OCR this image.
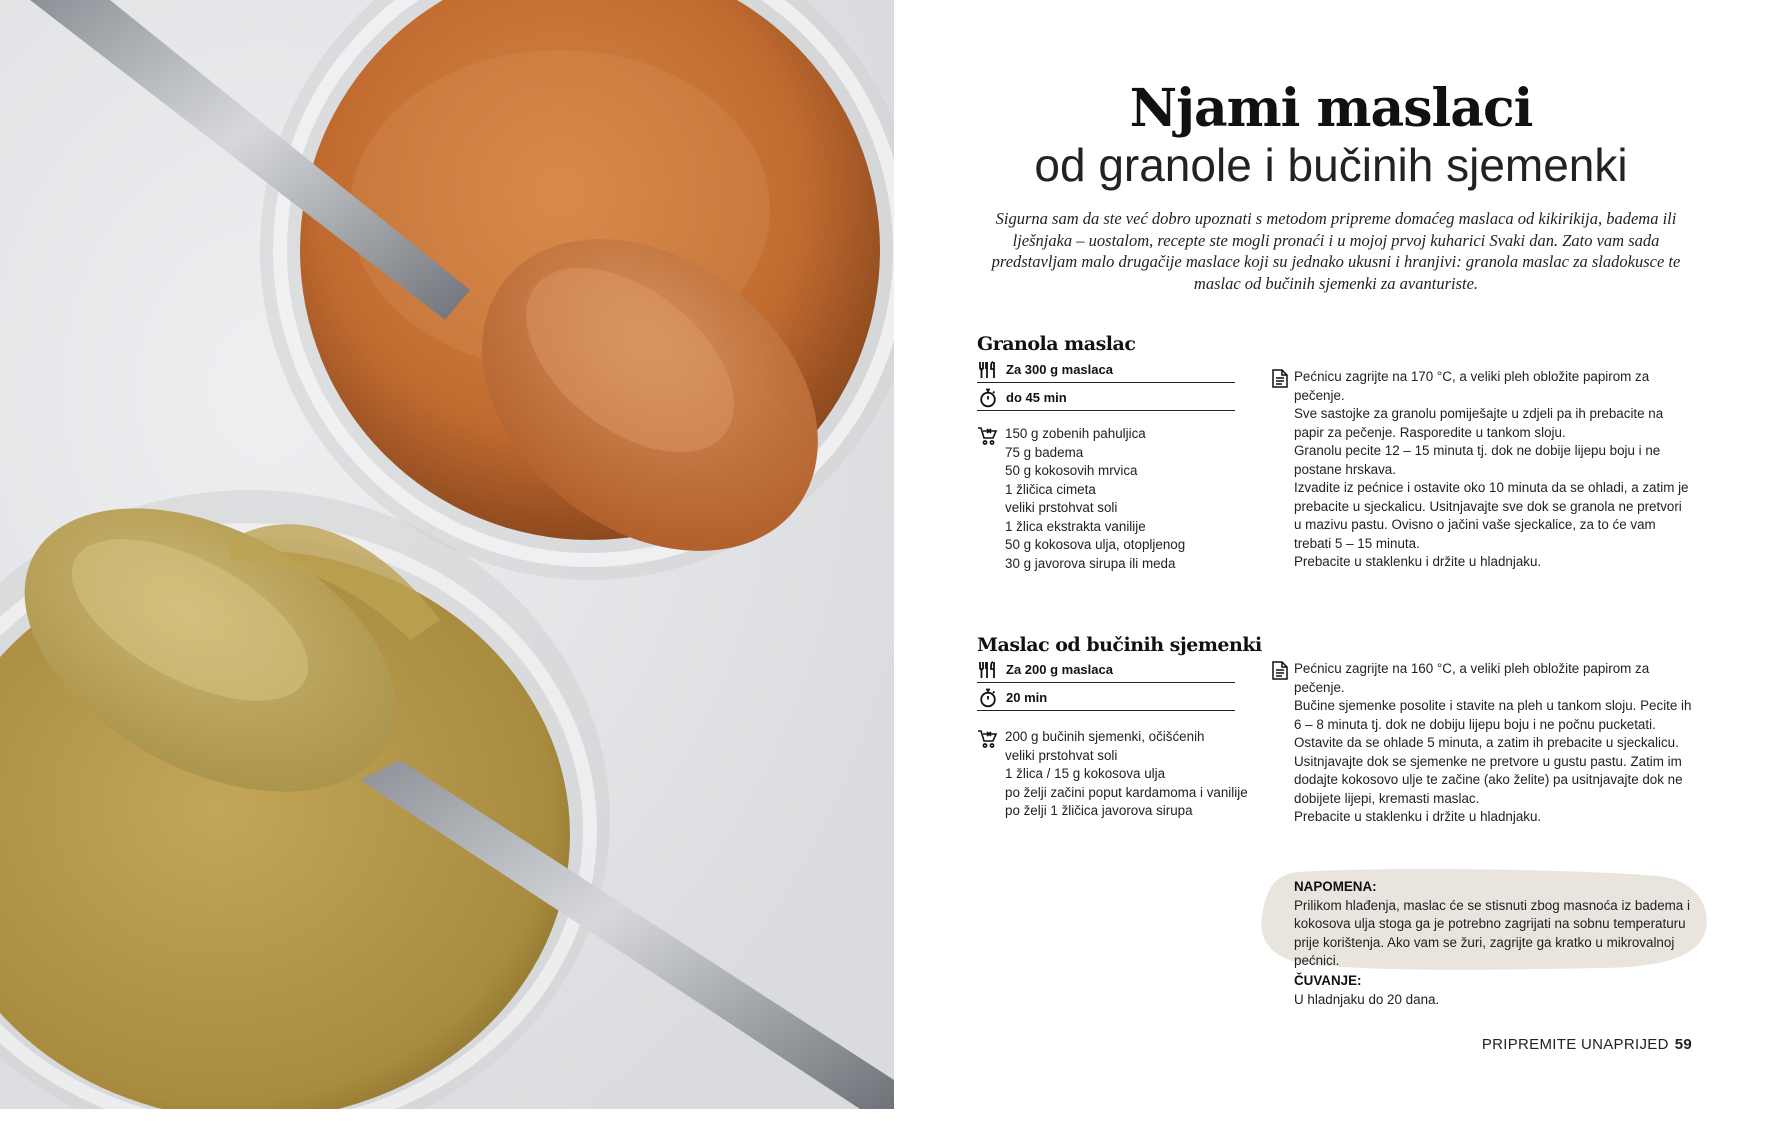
Njami maslaci
od granole i bučinih sjemenki

Sigurna sam da ste već dobro upoznati s metodom pripreme domaćeg maslaca od kikirikija, badema ili lješnjaka – uostalom, recepte ste mogli pronaći i u mojoj prvoj kuharici Svaki dan. Zato vam sada predstavljam malo drugačije maslace koji su jednako ukusni i hranjivi: granola maslac za sladokusce te maslac od bučinih sjemenki za avanturiste.

Granola maslac
Za 300 g maslaca
do 45 min
150 g zobenih pahuljica
75 g badema
50 g kokosovih mrvica
1 žličica cimeta
veliki prstohvat soli
1 žlica ekstrakta vanilije
50 g kokosova ulja, otopljenog
30 g javorova sirupa ili meda

Pećnicu zagrijte na 170 °C, a veliki pleh obložite papirom za pečenje.

Sve sastojke za granolu pomiješajte u zdjeli pa ih prebacite na papir za pečenje. Rasporedite u tankom sloju.

Granolu pecite 12 – 15 minuta tj. dok ne dobije lijepu boju i ne postane hrskava.

Izvadite iz pećnice i ostavite oko 10 minuta da se ohladi, a zatim je prebacite u sjeckalicu. Usitnjavajte sve dok se granola ne pretvori u mazivu pastu. Ovisno o jačini vaše sjeckalice, za to će vam trebati 5 – 15 minuta.

Prebacite u staklenku i držite u hladnjaku.

Maslac od bučinih sjemenki
Za 200 g maslaca
20 min
200 g bučinih sjemenki, očišćenih
veliki prstohvat soli
1 žlica / 15 g kokosova ulja
po želji začini poput kardamoma i vanilije
po želji 1 žličica javorova sirupa

Pećnicu zagrijte na 160 °C, a veliki pleh obložite papirom za pečenje.

Bučine sjemenke posolite i stavite na pleh u tankom sloju. Pecite ih 6 – 8 minuta tj. dok ne dobiju lijepu boju i ne počnu pucketati.

Ostavite da se ohlade 5 minuta, a zatim ih prebacite u sjeckalicu. Usitnjavajte dok se sjemenke ne pretvore u gustu pastu. Zatim im dodajte kokosovo ulje te začine (ako želite) pa usitnjavajte dok ne dobijete lijepi, kremasti maslac.

Prebacite u staklenku i držite u hladnjaku.

NAPOMENA:

Prilikom hlađenja, maslac će se stisnuti zbog masnoća iz badema i kokosova ulja stoga ga je potrebno zagrijati na sobnu temperaturu prije korištenja. Ako vam se žuri, zagrijte ga kratko u mikrovalnoj pećnici.

ČUVANJE:

U hladnjaku do 20 dana.

PRIPREMITE UNAPRIJED 59
